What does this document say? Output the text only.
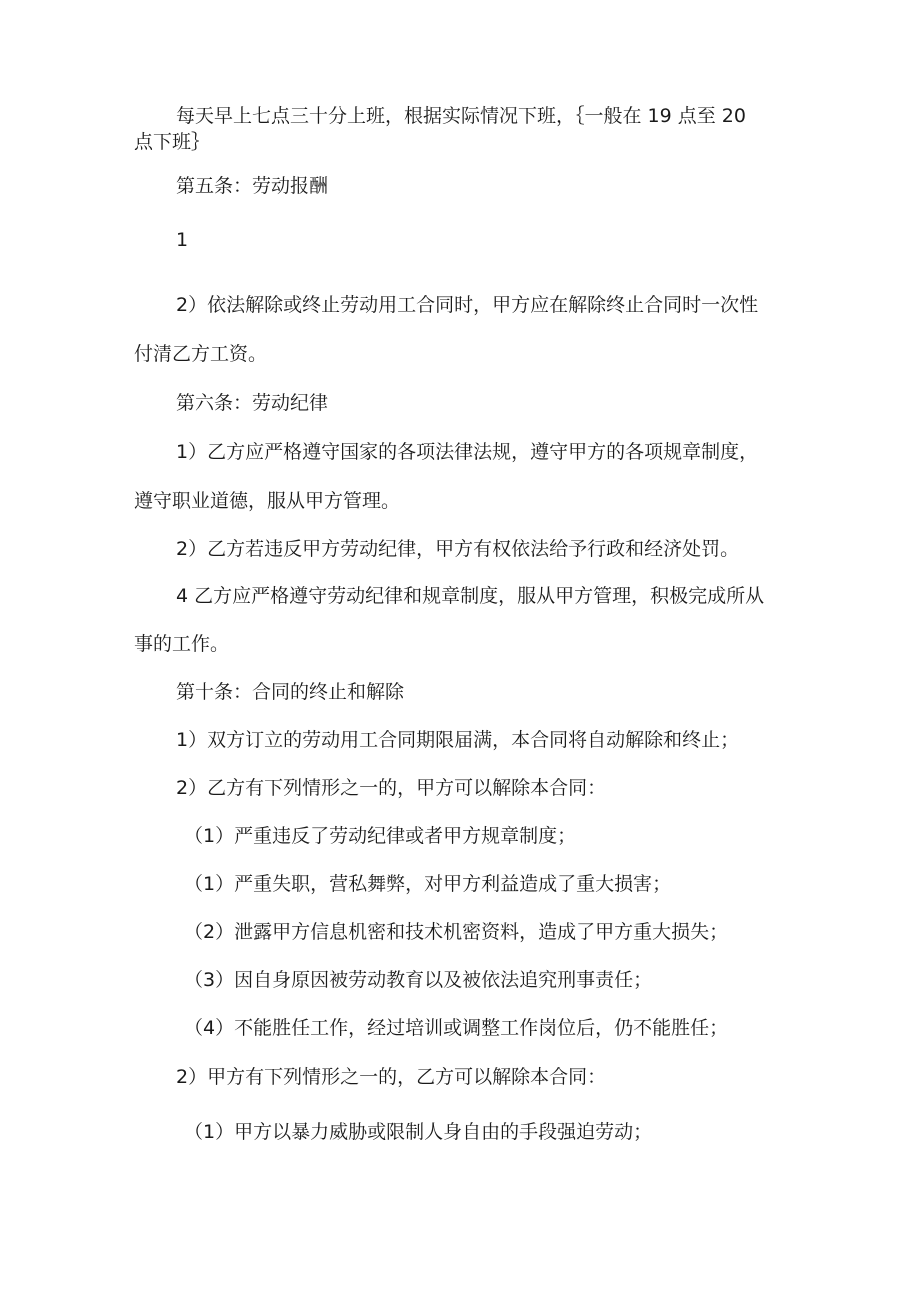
每天早上七点三十分上班，根据实际情况下班，｛一般在 19 点至 20
点下班｝
第五条：劳动报酬
1
2）依法解除或终止劳动用工合同时，甲方应在解除终止合同时一次性
付清乙方工资。
第六条：劳动纪律
1）乙方应严格遵守国家的各项法律法规，遵守甲方的各项规章制度，
遵守职业道德，服从甲方管理。
2）乙方若违反甲方劳动纪律，甲方有权依法给予行政和经济处罚。
4 乙方应严格遵守劳动纪律和规章制度，服从甲方管理，积极完成所从
事的工作。
第十条：合同的终止和解除
1）双方订立的劳动用工合同期限届满，本合同将自动解除和终止；
2）乙方有下列情形之一的，甲方可以解除本合同：
（1）严重违反了劳动纪律或者甲方规章制度；
（1）严重失职，营私舞弊，对甲方利益造成了重大损害；
（2）泄露甲方信息机密和技术机密资料，造成了甲方重大损失；
（3）因自身原因被劳动教育以及被依法追究刑事责任；
（4）不能胜任工作，经过培训或调整工作岗位后，仍不能胜任；
2）甲方有下列情形之一的，乙方可以解除本合同：
（1）甲方以暴力威胁或限制人身自由的手段强迫劳动；
